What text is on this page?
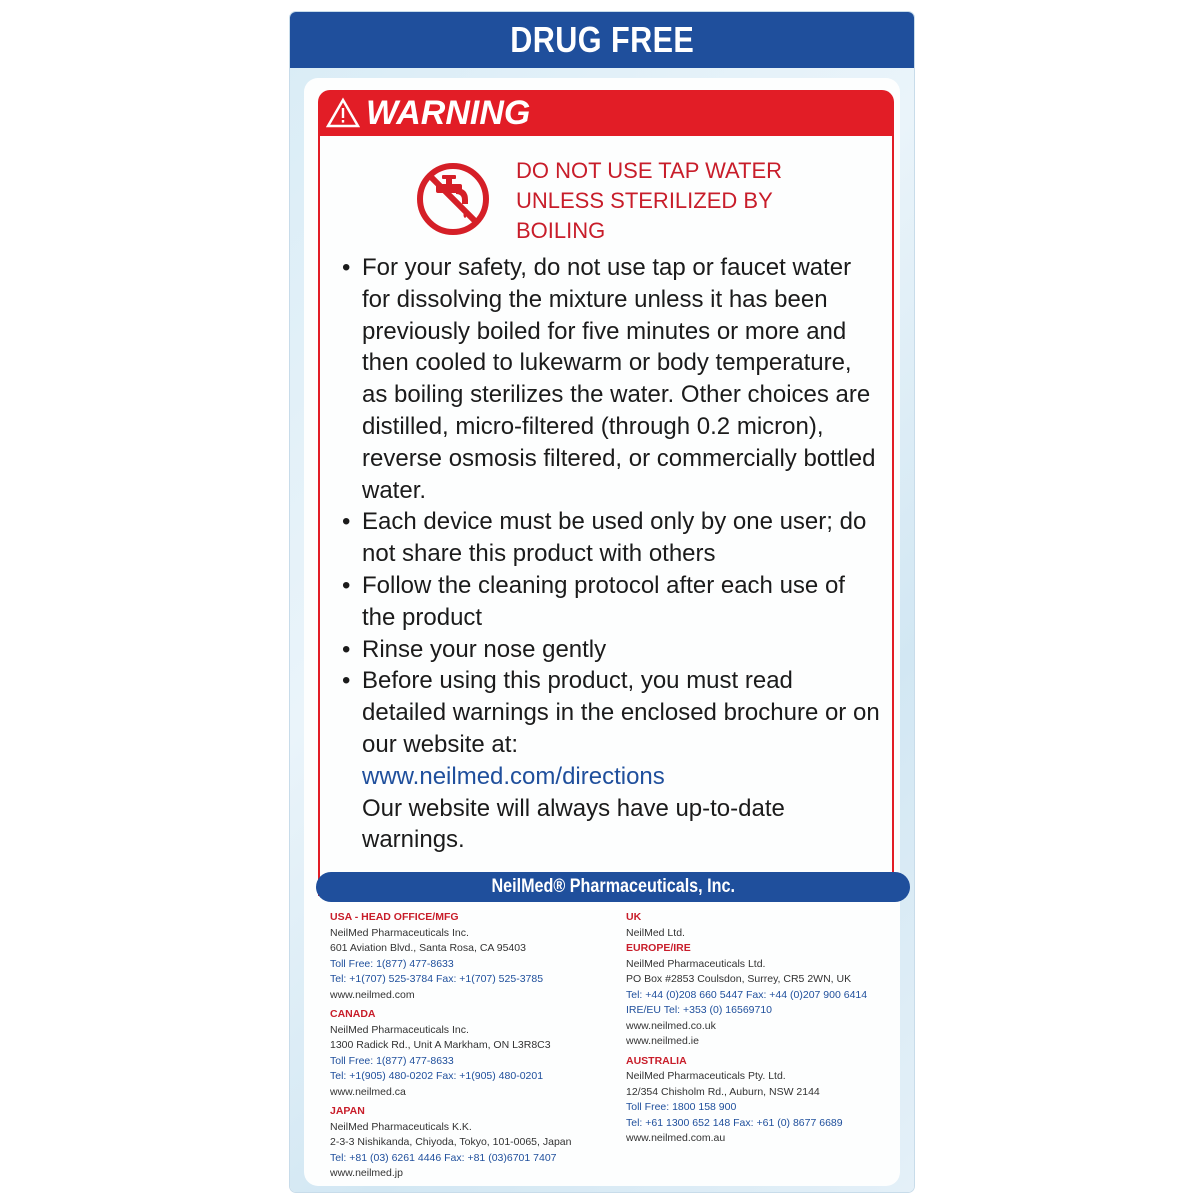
DRUG FREE
WARNING
DO NOT USE TAP WATER
UNLESS STERILIZED BY
BOILING
• For your safety, do not use tap or faucet water for dissolving the mixture unless it has been previously boiled for five minutes or more and then cooled to lukewarm or body temperature, as boiling sterilizes the water. Other choices are distilled, micro-filtered (through 0.2 micron), reverse osmosis filtered, or commercially bottled water.
• Each device must be used only by one user; do not share this product with others
• Follow the cleaning protocol after each use of the product
• Rinse your nose gently
• Before using this product, you must read detailed warnings in the enclosed brochure or on our website at:
www.neilmed.com/directions
Our website will always have up-to-date warnings.
NeilMed® Pharmaceuticals, Inc.
USA - HEAD OFFICE/MFG
NeilMed Pharmaceuticals Inc.
601 Aviation Blvd., Santa Rosa, CA 95403
Toll Free: 1(877) 477-8633
Tel: +1(707) 525-3784 Fax: +1(707) 525-3785
www.neilmed.com
CANADA
NeilMed Pharmaceuticals Inc.
1300 Radick Rd., Unit A Markham, ON L3R8C3
Toll Free: 1(877) 477-8633
Tel: +1(905) 480-0202 Fax: +1(905) 480-0201
www.neilmed.ca
JAPAN
NeilMed Pharmaceuticals K.K.
2-3-3 Nishikanda, Chiyoda, Tokyo, 101-0065, Japan
Tel: +81 (03) 6261 4446 Fax: +81 (03)6701 7407
www.neilmed.jp
UK
NeilMed Ltd.
EUROPE/IRE
NeilMed Pharmaceuticals Ltd.
PO Box #2853 Coulsdon, Surrey, CR5 2WN, UK
Tel: +44 (0)208 660 5447 Fax: +44 (0)207 900 6414
IRE/EU Tel: +353 (0) 16569710
www.neilmed.co.uk
www.neilmed.ie
AUSTRALIA
NeilMed Pharmaceuticals Pty. Ltd.
12/354 Chisholm Rd., Auburn, NSW 2144
Toll Free: 1800 158 900
Tel: +61 1300 652 148 Fax: +61 (0) 8677 6689
www.neilmed.com.au
